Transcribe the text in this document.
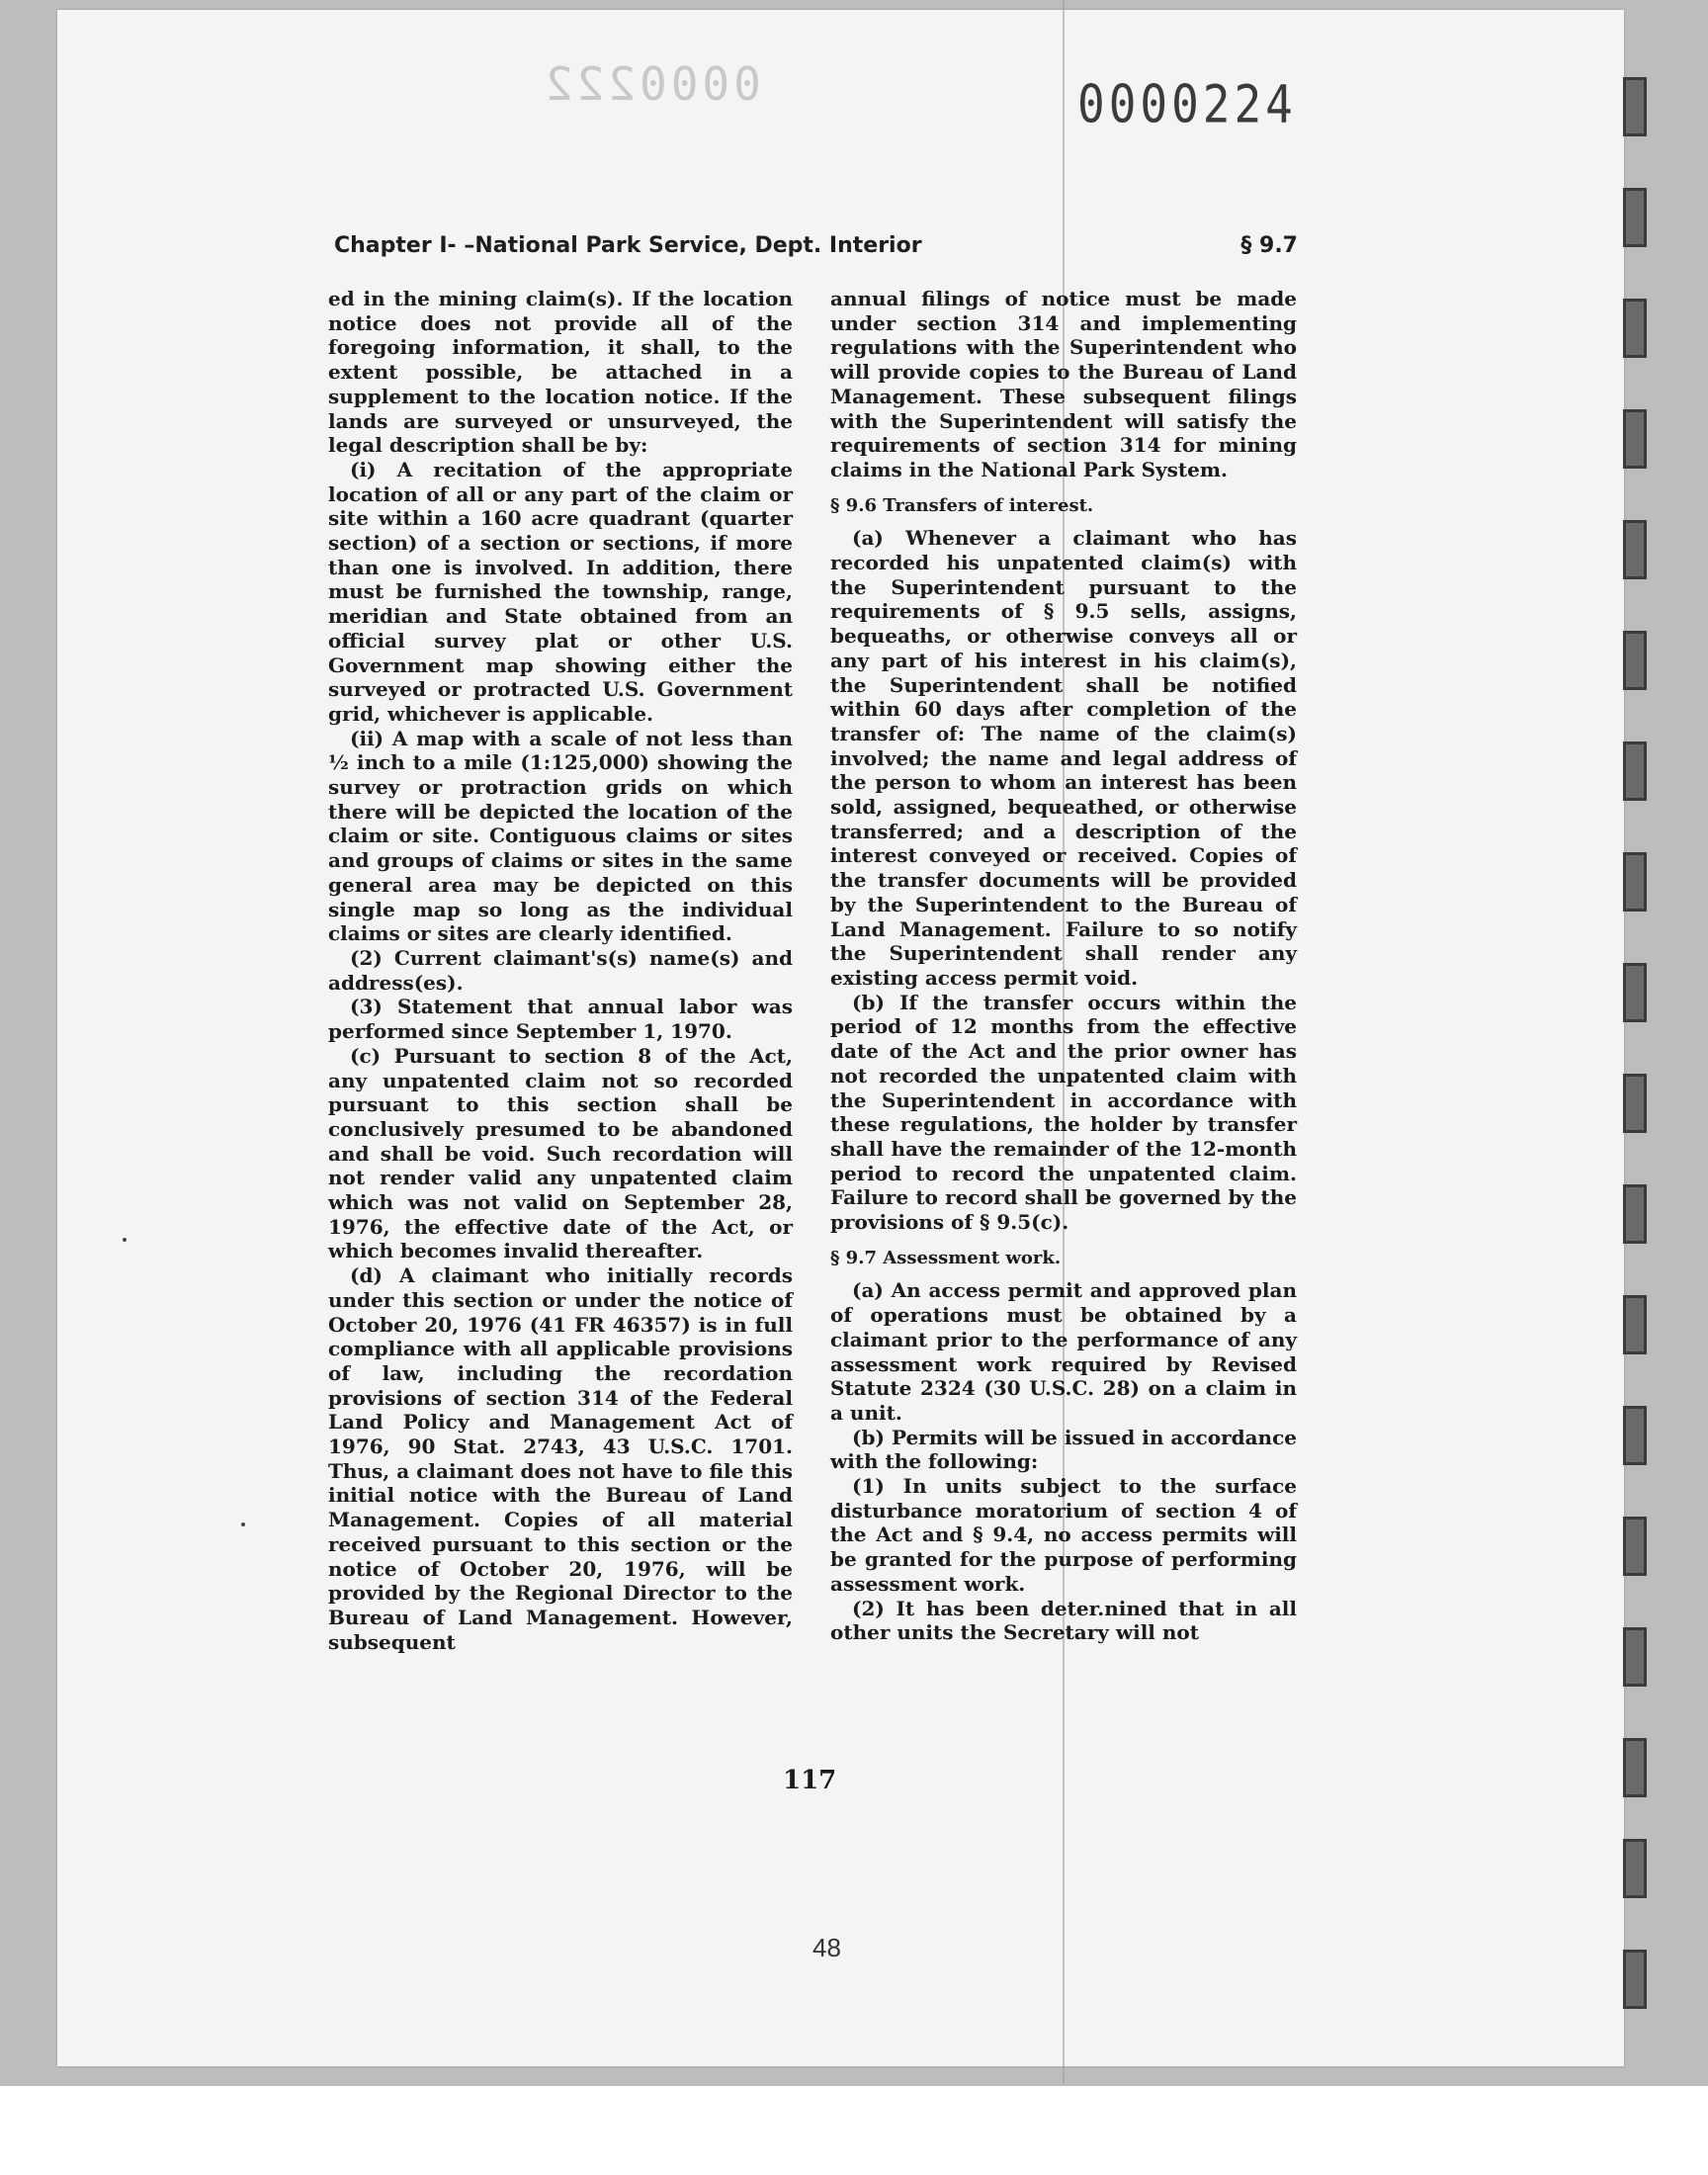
0000222	0000224
Chapter I- –National Park Service, Dept. Interior	§ 9.7

ed in the mining claim(s). If the location notice does not provide all of the foregoing information, it shall, to the extent possible, be attached in a supplement to the location notice. If the lands are surveyed or unsurveyed, the legal description shall be by:

(i) A recitation of the appropriate location of all or any part of the claim or site within a 160 acre quadrant (quarter section) of a section or sections, if more than one is involved. In addition, there must be furnished the township, range, meridian and State obtained from an official survey plat or other U.S. Government map showing either the surveyed or protracted U.S. Government grid, whichever is applicable.

(ii) A map with a scale of not less than ½ inch to a mile (1:125,000) showing the survey or protraction grids on which there will be depicted the location of the claim or site. Contiguous claims or sites and groups of claims or sites in the same general area may be depicted on this single map so long as the individual claims or sites are clearly identified.

(2) Current claimant's(s) name(s) and address(es).

(3) Statement that annual labor was performed since September 1, 1970.

(c) Pursuant to section 8 of the Act, any unpatented claim not so recorded pursuant to this section shall be conclusively presumed to be abandoned and shall be void. Such recordation will not render valid any unpatented claim which was not valid on September 28, 1976, the effective date of the Act, or which becomes invalid thereafter.

(d) A claimant who initially records under this section or under the notice of October 20, 1976 (41 FR 46357) is in full compliance with all applicable provisions of law, including the recordation provisions of section 314 of the Federal Land Policy and Management Act of 1976, 90 Stat. 2743, 43 U.S.C. 1701. Thus, a claimant does not have to file this initial notice with the Bureau of Land Management. Copies of all material received pursuant to this section or the notice of October 20, 1976, will be provided by the Regional Director to the Bureau of Land Management. However, subsequent

annual filings of notice must be made under section 314 and implementing regulations with the Superintendent who will provide copies to the Bureau of Land Management. These subsequent filings with the Superintendent will satisfy the requirements of section 314 for mining claims in the National Park System.

§ 9.6 Transfers of interest.

(a) Whenever a claimant who has recorded his unpatented claim(s) with the Superintendent pursuant to the requirements of § 9.5 sells, assigns, bequeaths, or otherwise conveys all or any part of his interest in his claim(s), the Superintendent shall be notified within 60 days after completion of the transfer of: The name of the claim(s) involved; the name and legal address of the person to whom an interest has been sold, assigned, bequeathed, or otherwise transferred; and a description of the interest conveyed or received. Copies of the transfer documents will be provided by the Superintendent to the Bureau of Land Management. Failure to so notify the Superintendent shall render any existing access permit void.

(b) If the transfer occurs within the period of 12 months from the effective date of the Act and the prior owner has not recorded the unpatented claim with the Superintendent in accordance with these regulations, the holder by transfer shall have the remainder of the 12-month period to record the unpatented claim. Failure to record shall be governed by the provisions of § 9.5(c).

§ 9.7 Assessment work.

(a) An access permit and approved plan of operations must be obtained by a claimant prior to the performance of any assessment work required by Revised Statute 2324 (30 U.S.C. 28) on a claim in a unit.

(b) Permits will be issued in accordance with the following:

(1) In units subject to the surface disturbance moratorium of section 4 of the Act and § 9.4, no access permits will be granted for the purpose of performing assessment work.

(2) It has been deter.nined that in all other units the Secretary will not

117
48
